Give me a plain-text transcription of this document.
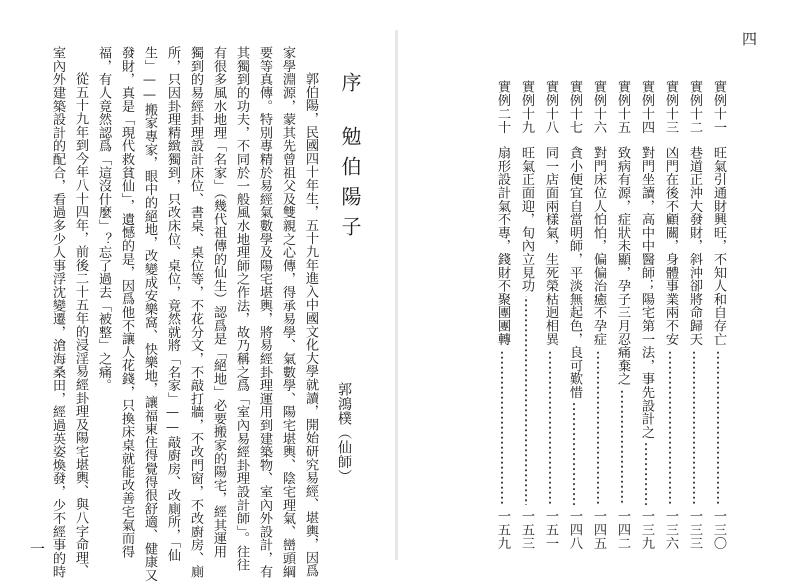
序
勉伯陽子
郭鴻樸（仙師）
郭伯陽，民國四十年生，五十九年進入中國文化大學就讀，開始研究易經、堪輿，因爲
家學淵源，蒙其先曾祖父及雙親之心傳，得承易學、氣數學、陽宅堪輿、陰宅理氣、巒頭綱
要等真傳。特別專精於易經氣數學及陽宅堪輿，將易經卦理運用到建築物、室內外設計，有
其獨到的功夫，不同於一般風水地理師之作法，故乃稱之爲「室內易經卦理設計師」。往往
有很多風水地理「名家」（幾代祖傳的仙生）認爲是「絕地」必要搬家的陽宅，經其運用
獨到的易經卦理設計床位、書桌、桌位等，不花分文，不敲打牆，不改門窗，不改廚房、廁
所，只因卦理精緻獨到，只改床位、桌位，竟然就將「名家」——敲廚房、改廁所，「仙
生」——搬家專家，眼中的絕地，改變成安樂窩、快樂地，讓福東住得覺得很舒適、健康又
發財，真是「現代救貧仙」，遺憾的是，因爲他不讓人花錢，只換床桌就能改善宅氣而得
福，有人竟然認爲「這沒什麼」？忘了過去「被整」之痛。
從五十九年到今年八十四年，前後二十五年的浸淫易經卦理及陽宅堪輿、與八字命理、
室內外建築設計的配合，看過多少人事浮沈變遷，滄海桑田，經過英姿煥發，少不經事的時
一
四
實例十一
旺氣引通財興旺，不知人和自存亡
一三〇
實例十二
巷道正沖大發財，斜沖卻將命歸天
一三三
實例十三
凶門在後不顧關，身體事業兩不安
一三六
實例十四
對門坐讀，高中中醫師；陽宅第一法，事先設計之
一三九
實例十五
致病有源，症狀未顯，孕子三月忍痛棄之
一四二
實例十六
對門床位人怕怕，偏偏治癒不孕症
一四五
實例十七
貪小便宜自當明師，平淡無起色，良可歎惜
一四八
實例十八
同一店面兩樣氣，生死榮枯迥相異
一五一
實例十九
旺氣正面迎，旬內立見功
一五三
實例二十
扇形設計氣不專，錢財不聚團團轉
一五九
